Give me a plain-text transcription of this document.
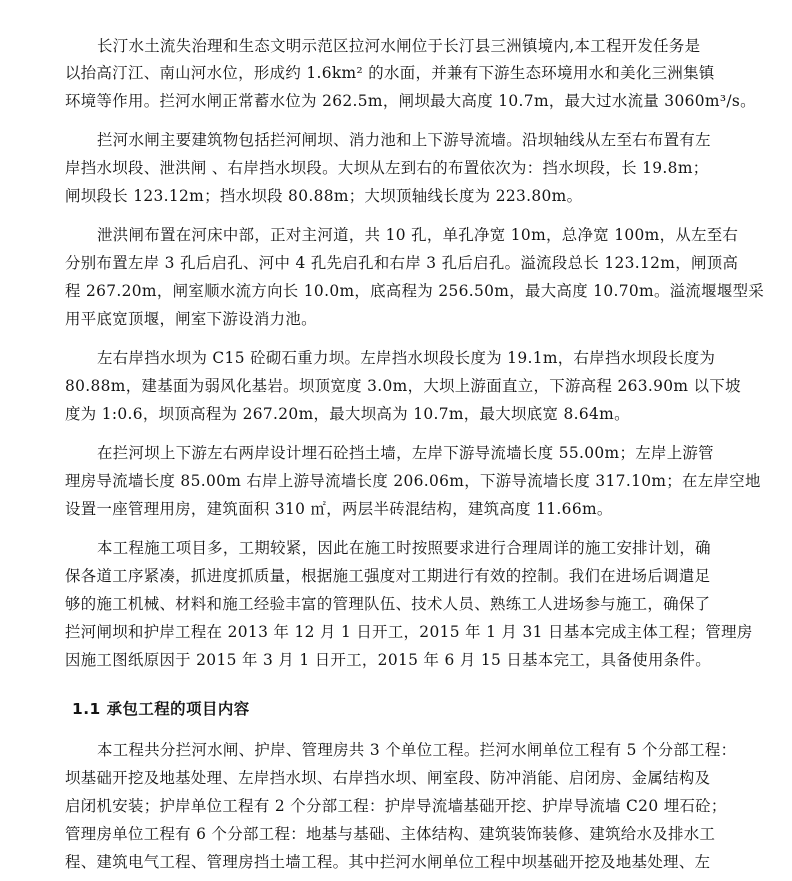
长汀水土流失治理和生态文明示范区拉河水闸位于长汀县三洲镇境内,本工程开发任务是
以抬高汀江、南山河水位，形成约 1.6km² 的水面，并兼有下游生态环境用水和美化三洲集镇
环境等作用。拦河水闸正常蓄水位为 262.5m，闸坝最大高度 10.7m，最大过水流量 3060m³/s。
拦河水闸主要建筑物包括拦河闸坝、消力池和上下游导流墙。沿坝轴线从左至右布置有左
岸挡水坝段、泄洪闸 、右岸挡水坝段。大坝从左到右的布置依次为：挡水坝段，长 19.8m；
闸坝段长 123.12m；挡水坝段 80.88m；大坝顶轴线长度为 223.80m。
泄洪闸布置在河床中部，正对主河道，共 10 孔，单孔净宽 10m，总净宽 100m，从左至右
分别布置左岸 3 孔后启孔、河中 4 孔先启孔和右岸 3 孔后启孔。溢流段总长 123.12m，闸顶高
程 267.20m，闸室顺水流方向长 10.0m，底高程为 256.50m，最大高度 10.70m。溢流堰堰型采
用平底宽顶堰，闸室下游设消力池。
左右岸挡水坝为 C15 砼砌石重力坝。左岸挡水坝段长度为 19.1m，右岸挡水坝段长度为
80.88m，建基面为弱风化基岩。坝顶宽度 3.0m，大坝上游面直立，下游高程 263.90m 以下坡
度为 1:0.6，坝顶高程为 267.20m，最大坝高为 10.7m，最大坝底宽 8.64m。
在拦河坝上下游左右两岸设计埋石砼挡土墙，左岸下游导流墙长度 55.00m；左岸上游管
理房导流墙长度 85.00m 右岸上游导流墙长度 206.06m，下游导流墙长度 317.10m；在左岸空地
设置一座管理用房，建筑面积 310 ㎡，两层半砖混结构，建筑高度 11.66m。
本工程施工项目多，工期较紧，因此在施工时按照要求进行合理周详的施工安排计划，确
保各道工序紧凑，抓进度抓质量，根据施工强度对工期进行有效的控制。我们在进场后调遣足
够的施工机械、材料和施工经验丰富的管理队伍、技术人员、熟练工人进场参与施工，确保了
拦河闸坝和护岸工程在 2013 年 12 月 1 日开工，2015 年 1 月 31 日基本完成主体工程；管理房
因施工图纸原因于 2015 年 3 月 1 日开工，2015 年 6 月 15 日基本完工，具备使用条件。
1.1 承包工程的项目内容
本工程共分拦河水闸、护岸、管理房共 3 个单位工程。拦河水闸单位工程有 5 个分部工程：
坝基础开挖及地基处理、左岸挡水坝、右岸挡水坝、闸室段、防冲消能、启闭房、金属结构及
启闭机安装；护岸单位工程有 2 个分部工程：护岸导流墙基础开挖、护岸导流墙 C20 埋石砼；
管理房单位工程有 6 个分部工程：地基与基础、主体结构、建筑装饰装修、建筑给水及排水工
程、建筑电气工程、管理房挡土墙工程。其中拦河水闸单位工程中坝基础开挖及地基处理、左
